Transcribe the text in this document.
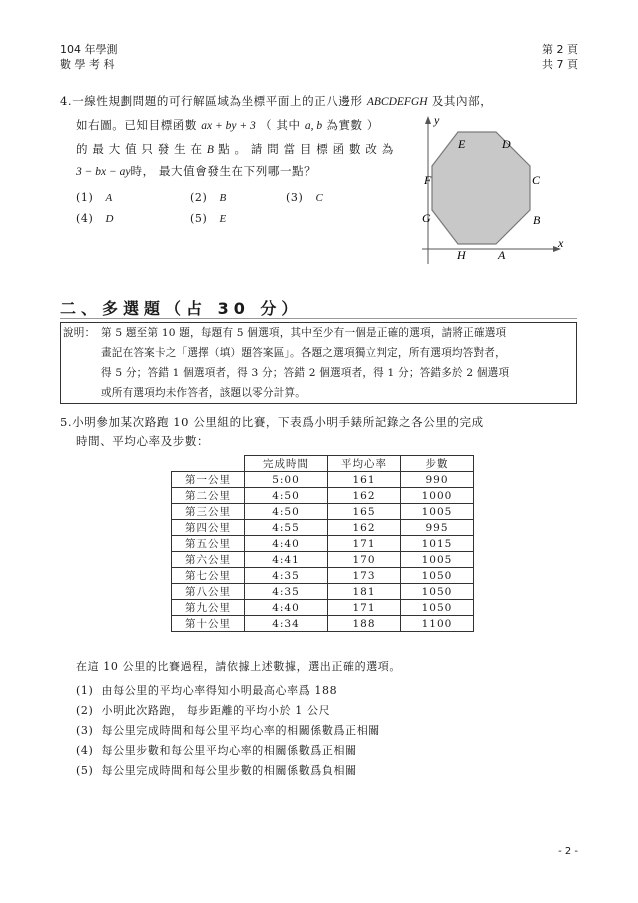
104 年學測
數 學 考 科
第 2 頁
共 7 頁
4.一線性規劃問題的可行解區域為坐標平面上的正八邊形 ABCDEFGH 及其內部，
如右圖。已知目標函數 ax + by + 3 （ 其中 a, b 為實數 ）
的 最 大 值 只 發 生 在 B 點 。 請 問 當 目 標 函 數 改 為
3 − bx − ay時， 最大值會發生在下列哪一點？
(1) A	(2) B	(3) C
(4) D	(5) E
y
x
A
B
C
D
E
F
G
H
二、多選題（占 30 分）
說明： 第 5 題至第 10 題，每題有 5 個選項，其中至少有一個是正確的選項，請將正確選項
畫記在答案卡之「選擇（填）題答案區」。各題之選項獨立判定，所有選項均答對者，
得 5 分；答錯 1 個選項者，得 3 分；答錯 2 個選項者，得 1 分；答錯多於 2 個選項
或所有選項均未作答者，該題以零分計算。
5.小明參加某次路跑 10 公里組的比賽，下表爲小明手錶所記錄之各公里的完成
時間、平均心率及步數：
	完成時間	平均心率	步數
第一公里	5:00	161	990
第二公里	4:50	162	1000
第三公里	4:50	165	1005
第四公里	4:55	162	995
第五公里	4:40	171	1015
第六公里	4:41	170	1005
第七公里	4:35	173	1050
第八公里	4:35	181	1050
第九公里	4:40	171	1050
第十公里	4:34	188	1100
在這 10 公里的比賽過程，請依據上述數據，選出正確的選項。
(1) 由每公里的平均心率得知小明最高心率爲 188
(2) 小明此次路跑， 每步距離的平均小於 1 公尺
(3) 每公里完成時間和每公里平均心率的相關係數爲正相關
(4) 每公里步數和每公里平均心率的相關係數爲正相關
(5) 每公里完成時間和每公里步數的相關係數爲負相關
- 2 -
